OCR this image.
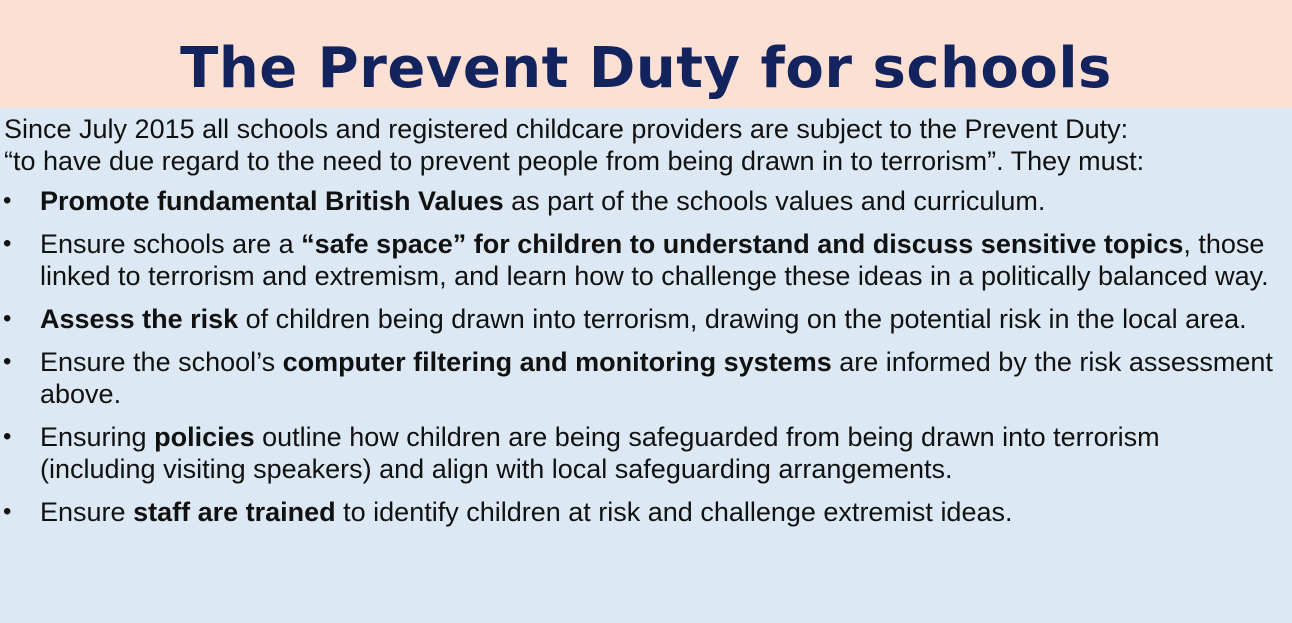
The Prevent Duty for schools
Since July 2015 all schools and registered childcare providers are subject to the Prevent Duty:
“to have due regard to the need to prevent people from being drawn in to terrorism”. They must:
• Promote fundamental British Values as part of the schools values and curriculum.
• Ensure schools are a “safe space” for children to understand and discuss sensitive topics, those linked to terrorism and extremism, and learn how to challenge these ideas in a politically balanced way.
• Assess the risk of children being drawn into terrorism, drawing on the potential risk in the local area.
• Ensure the school’s computer filtering and monitoring systems are informed by the risk assessment above.
• Ensuring policies outline how children are being safeguarded from being drawn into terrorism (including visiting speakers) and align with local safeguarding arrangements.
• Ensure staff are trained to identify children at risk and challenge extremist ideas.
